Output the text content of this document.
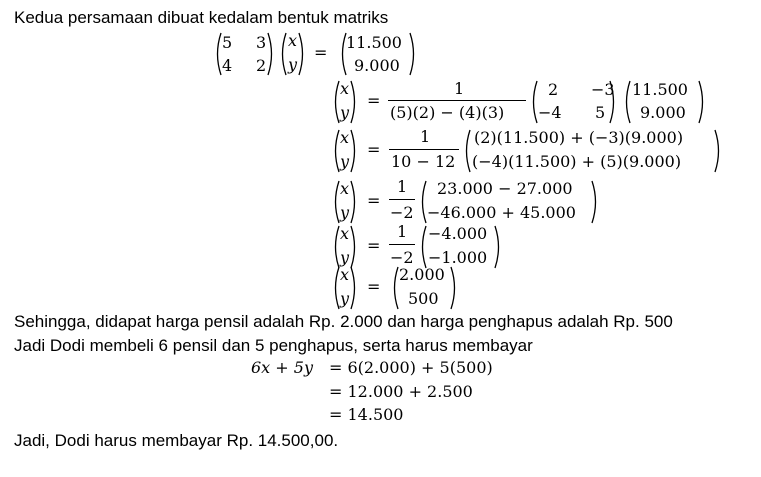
Kedua persamaan dibuat kedalam bentuk matriks
5 3
4 2
x
y
=
11.500
9.000
x
y
=
1
(5)(2) − (4)(3)
2 −3
−4 5
11.500
9.000
x
y
=
1
10 − 12
(2)(11.500) + (−3)(9.000)
(−4)(11.500) + (5)(9.000)
x
y
=
1
−2
23.000 − 27.000
−46.000 + 45.000
x
y
=
1
−2
−4.000
−1.000
x
y
=
2.000
500
Sehingga, didapat harga pensil adalah Rp. 2.000 dan harga penghapus adalah Rp. 500
Jadi Dodi membeli 6 pensil dan 5 penghapus, serta harus membayar
6x + 5y = 6(2.000) + 5(500)
= 12.000 + 2.500
= 14.500
Jadi, Dodi harus membayar Rp. 14.500,00.
